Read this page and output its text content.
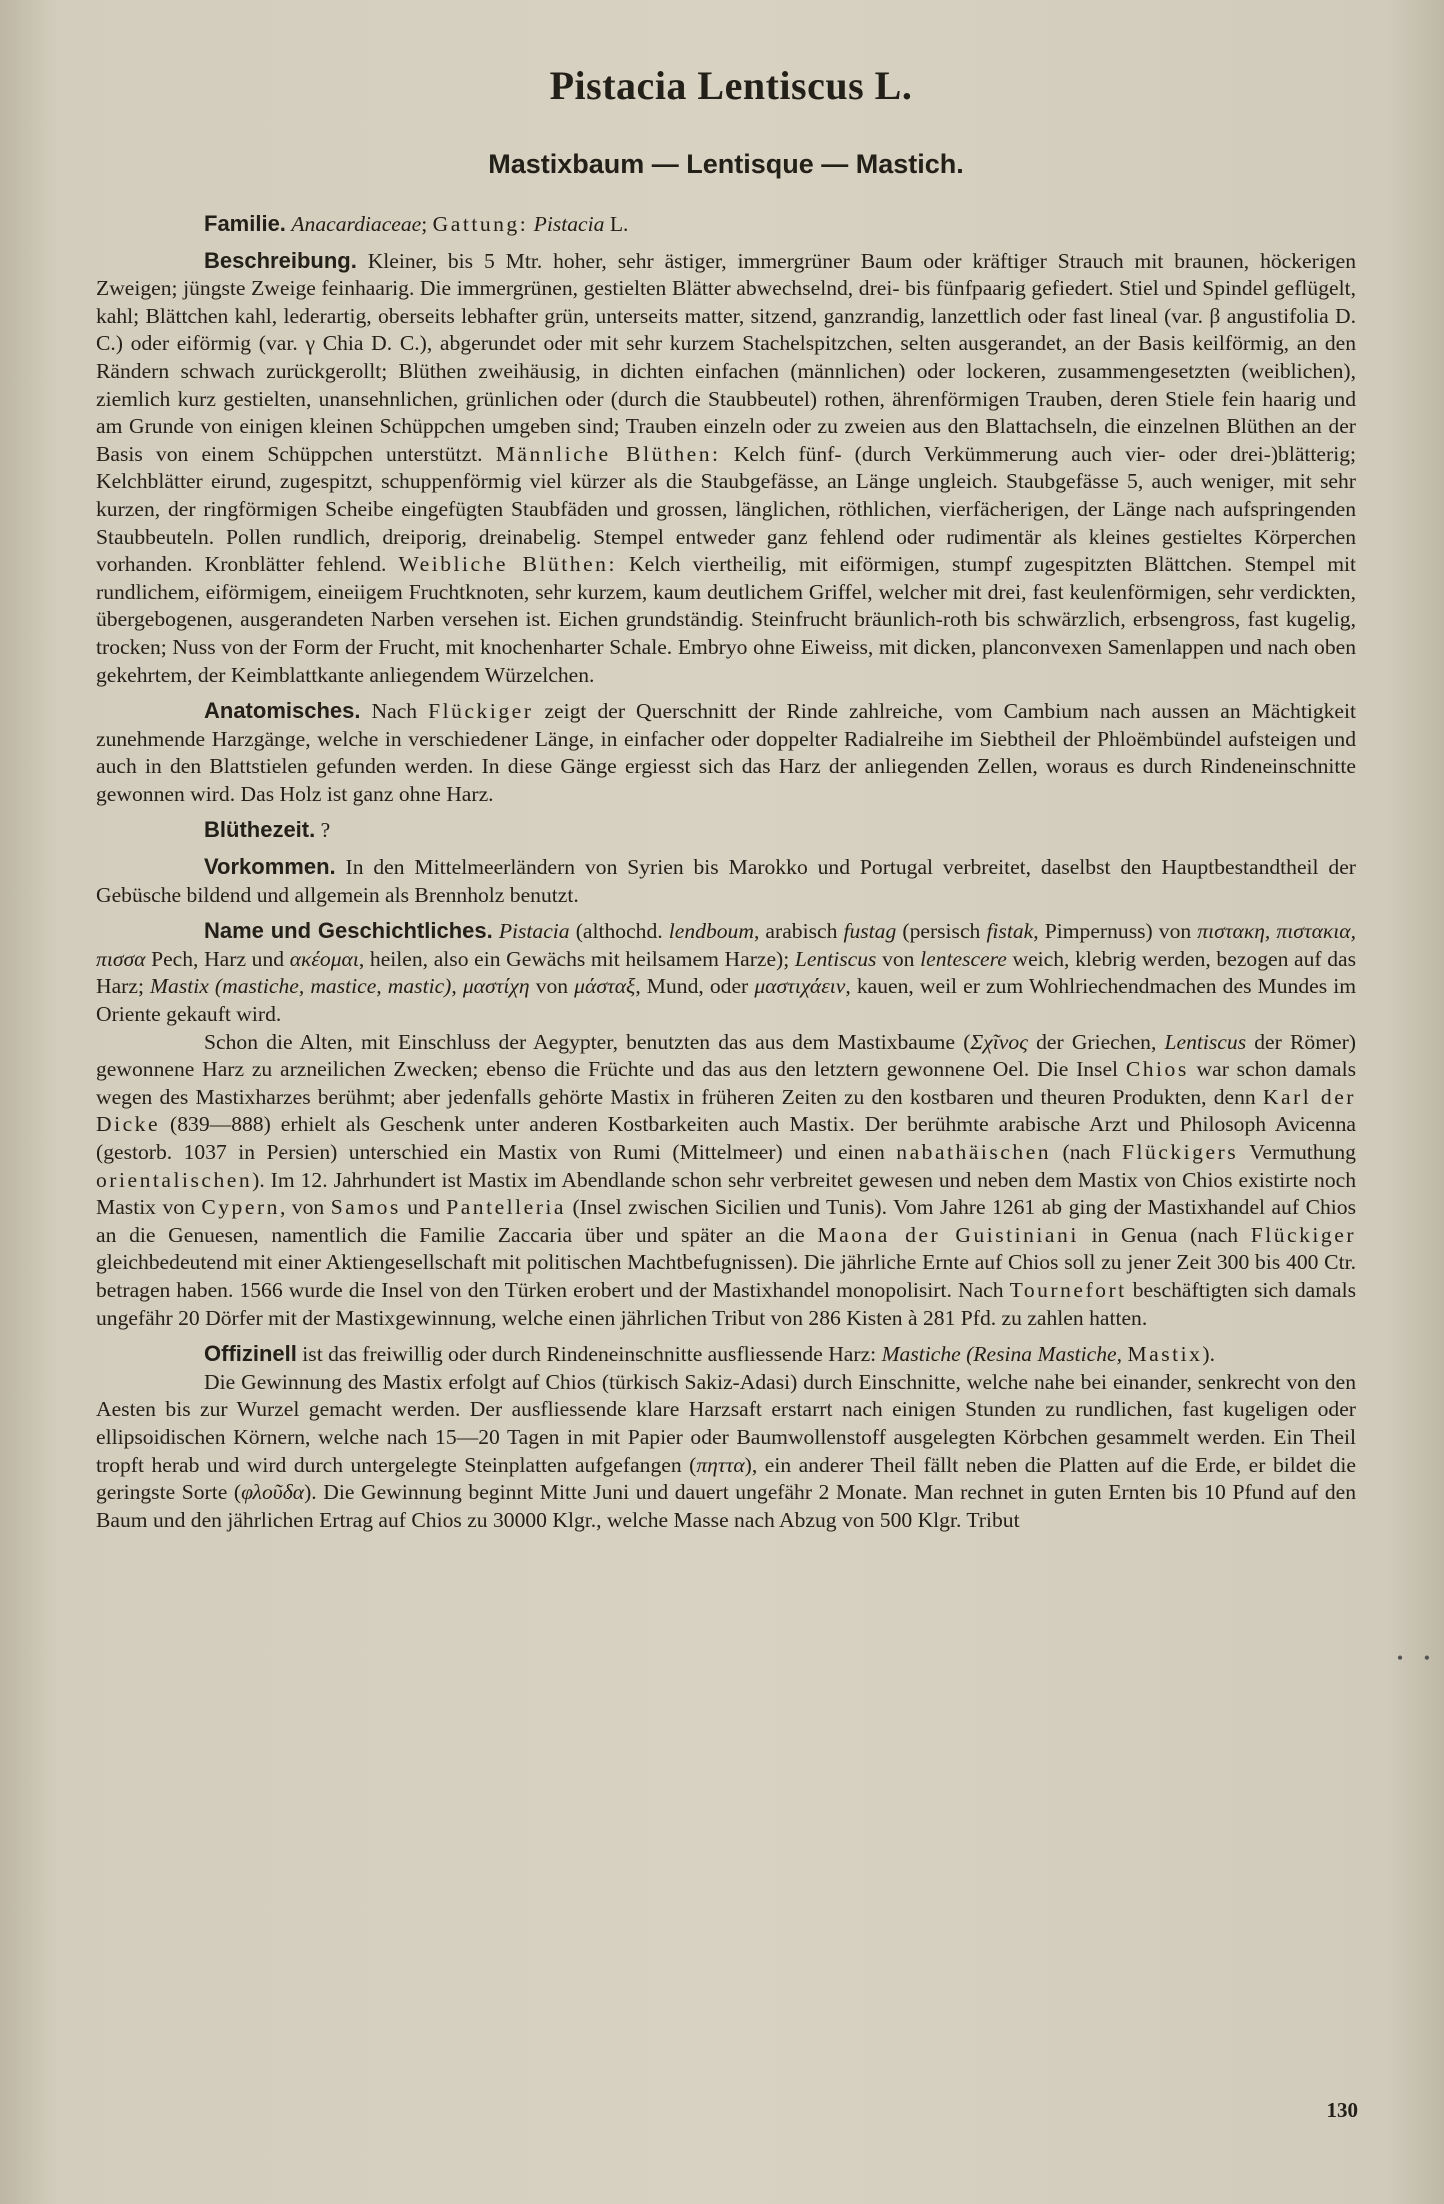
Pistacia Lentiscus L.
Mastixbaum — Lentisque — Mastich.

Familie. Anacardiaceae; Gattung: Pistacia L.

Beschreibung. Kleiner, bis 5 Mtr. hoher, sehr ästiger, immergrüner Baum oder kräftiger Strauch mit braunen, höckerigen Zweigen; jüngste Zweige feinhaarig. Die immergrünen, gestielten Blätter abwechselnd, drei- bis fünfpaarig gefiedert. Stiel und Spindel geflügelt, kahl; Blättchen kahl, lederartig, oberseits lebhafter grün, unterseits matter, sitzend, ganzrandig, lanzettlich oder fast lineal (var. β angustifolia D. C.) oder eiförmig (var. γ Chia D. C.), abgerundet oder mit sehr kurzem Stachelspitzchen, selten ausgerandet, an der Basis keilförmig, an den Rändern schwach zurückgerollt; Blüthen zweihäusig, in dichten einfachen (männlichen) oder lockeren, zusammengesetzten (weiblichen), ziemlich kurz gestielten, unansehnlichen, grünlichen oder (durch die Staubbeutel) rothen, ährenförmigen Trauben, deren Stiele fein haarig und am Grunde von einigen kleinen Schüppchen umgeben sind; Trauben einzeln oder zu zweien aus den Blattachseln, die einzelnen Blüthen an der Basis von einem Schüppchen unterstützt. Männliche Blüthen: Kelch fünf- (durch Verkümmerung auch vier- oder drei-)blätterig; Kelchblätter eirund, zugespitzt, schuppenförmig viel kürzer als die Staubgefässe, an Länge ungleich. Staubgefässe 5, auch weniger, mit sehr kurzen, der ringförmigen Scheibe eingefügten Staubfäden und grossen, länglichen, röthlichen, vierfächerigen, der Länge nach aufspringenden Staubbeuteln. Pollen rundlich, dreiporig, dreinabelig. Stempel entweder ganz fehlend oder rudimentär als kleines gestieltes Körperchen vorhanden. Kronblätter fehlend. Weibliche Blüthen: Kelch viertheilig, mit eiförmigen, stumpf zugespitzten Blättchen. Stempel mit rundlichem, eiförmigem, eineiigem Fruchtknoten, sehr kurzem, kaum deutlichem Griffel, welcher mit drei, fast keulenförmigen, sehr verdickten, übergebogenen, ausgerandeten Narben versehen ist. Eichen grundständig. Steinfrucht bräunlich-roth bis schwärzlich, erbsengross, fast kugelig, trocken; Nuss von der Form der Frucht, mit knochenharter Schale. Embryo ohne Eiweiss, mit dicken, planconvexen Samenlappen und nach oben gekehrtem, der Keimblattkante anliegendem Würzelchen.

Anatomisches. Nach Flückiger zeigt der Querschnitt der Rinde zahlreiche, vom Cambium nach aussen an Mächtigkeit zunehmende Harzgänge, welche in verschiedener Länge, in einfacher oder doppelter Radialreihe im Siebtheil der Phloëmbündel aufsteigen und auch in den Blattstielen gefunden werden. In diese Gänge ergiesst sich das Harz der anliegenden Zellen, woraus es durch Rindeneinschnitte gewonnen wird. Das Holz ist ganz ohne Harz.

Blüthezeit. ?

Vorkommen. In den Mittelmeerländern von Syrien bis Marokko und Portugal verbreitet, daselbst den Hauptbestandtheil der Gebüsche bildend und allgemein als Brennholz benutzt.

Name und Geschichtliches. Pistacia (althochd. lendboum, arabisch fustag (persisch fistak, Pimpernuss) von πιστακη, πιστακια, πισσα Pech, Harz und ακέομαι, heilen, also ein Gewächs mit heilsamem Harze); Lentiscus von lentescere weich, klebrig werden, bezogen auf das Harz; Mastix (mastiche, mastice, mastic), μαστίχη von μάσταξ, Mund, oder μαστιχάειν, kauen, weil er zum Wohlriechendmachen des Mundes im Oriente gekauft wird.

Schon die Alten, mit Einschluss der Aegypter, benutzten das aus dem Mastixbaume (Σχῖνος der Griechen, Lentiscus der Römer) gewonnene Harz zu arzneilichen Zwecken; ebenso die Früchte und das aus den letztern gewonnene Oel. Die Insel Chios war schon damals wegen des Mastixharzes berühmt; aber jedenfalls gehörte Mastix in früheren Zeiten zu den kostbaren und theuren Produkten, denn Karl der Dicke (839—888) erhielt als Geschenk unter anderen Kostbarkeiten auch Mastix. Der berühmte arabische Arzt und Philosoph Avicenna (gestorb. 1037 in Persien) unterschied ein Mastix von Rumi (Mittelmeer) und einen nabathäischen (nach Flückigers Vermuthung orientalischen). Im 12. Jahrhundert ist Mastix im Abendlande schon sehr verbreitet gewesen und neben dem Mastix von Chios existirte noch Mastix von Cypern, von Samos und Pantelleria (Insel zwischen Sicilien und Tunis). Vom Jahre 1261 ab ging der Mastixhandel auf Chios an die Genuesen, namentlich die Familie Zaccaria über und später an die Maona der Guistiniani in Genua (nach Flückiger gleichbedeutend mit einer Aktiengesellschaft mit politischen Machtbefugnissen). Die jährliche Ernte auf Chios soll zu jener Zeit 300 bis 400 Ctr. betragen haben. 1566 wurde die Insel von den Türken erobert und der Mastixhandel monopolisirt. Nach Tournefort beschäftigten sich damals ungefähr 20 Dörfer mit der Mastixgewinnung, welche einen jährlichen Tribut von 286 Kisten à 281 Pfd. zu zahlen hatten.

Offizinell ist das freiwillig oder durch Rindeneinschnitte ausfliessende Harz: Mastiche (Resina Mastiche, Mastix).

Die Gewinnung des Mastix erfolgt auf Chios (türkisch Sakiz-Adasi) durch Einschnitte, welche nahe bei einander, senkrecht von den Aesten bis zur Wurzel gemacht werden. Der ausfliessende klare Harzsaft erstarrt nach einigen Stunden zu rundlichen, fast kugeligen oder ellipsoidischen Körnern, welche nach 15—20 Tagen in mit Papier oder Baumwollenstoff ausgelegten Körbchen gesammelt werden. Ein Theil tropft herab und wird durch untergelegte Steinplatten aufgefangen (πηττα), ein anderer Theil fällt neben die Platten auf die Erde, er bildet die geringste Sorte (φλοῦδα). Die Gewinnung beginnt Mitte Juni und dauert ungefähr 2 Monate. Man rechnet in guten Ernten bis 10 Pfund auf den Baum und den jährlichen Ertrag auf Chios zu 30000 Klgr., welche Masse nach Abzug von 500 Klgr. Tribut

• •
130
